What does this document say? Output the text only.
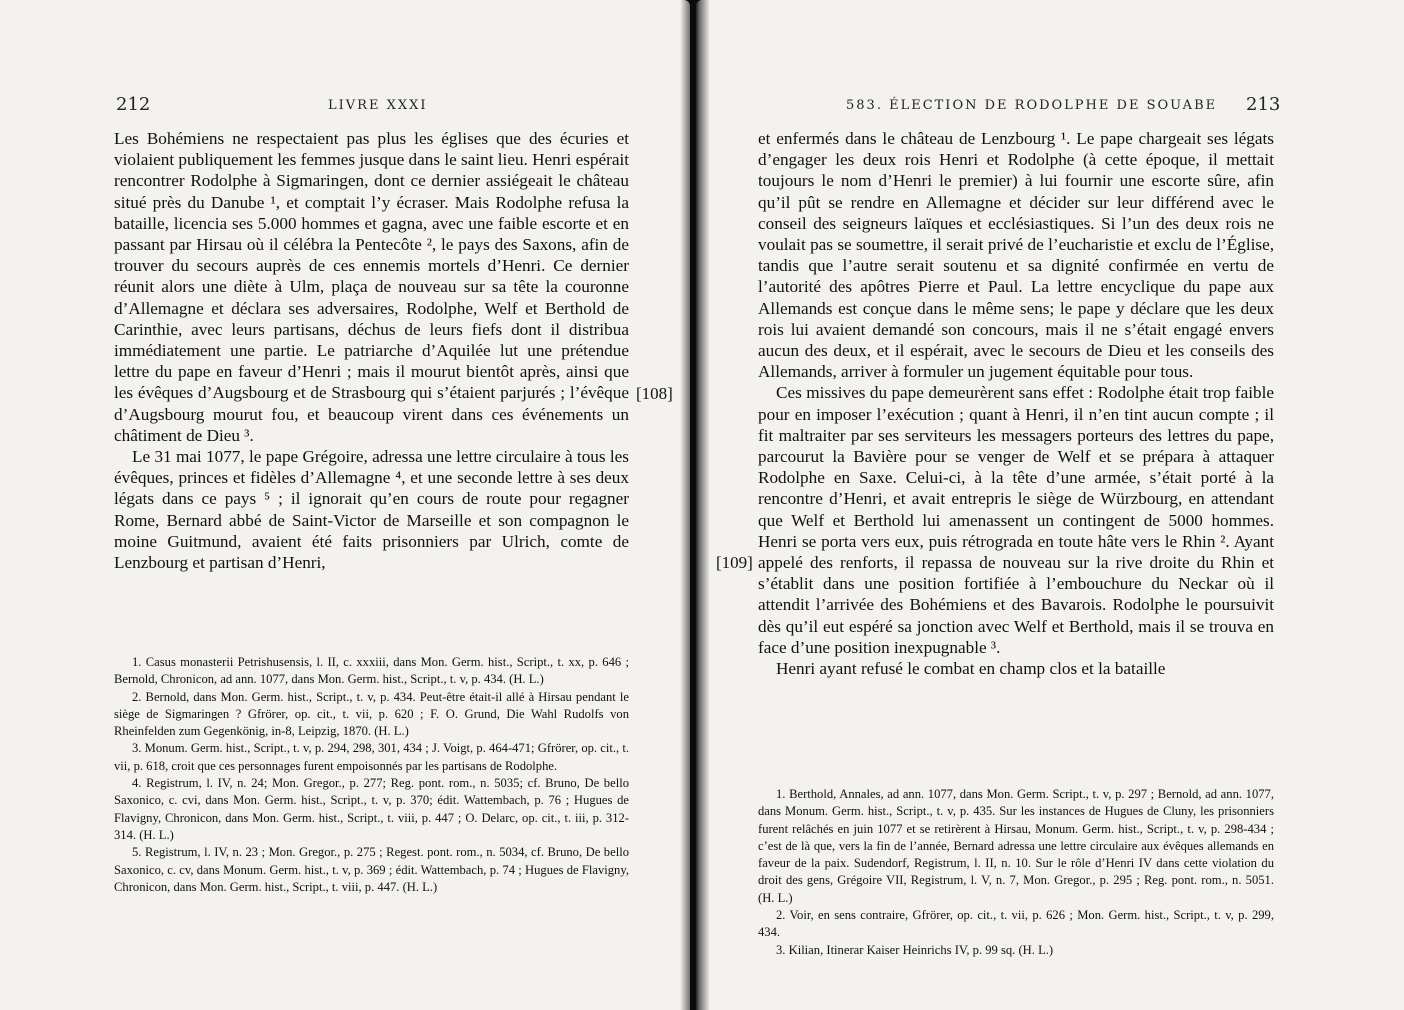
212	LIVRE XXXI

Les Bohémiens ne respectaient pas plus les églises que des écuries et violaient publiquement les femmes jusque dans le saint lieu. Henri espérait rencontrer Rodolphe à Sigmaringen, dont ce dernier assiégeait le château situé près du Danube ¹, et comptait l’y écraser. Mais Rodolphe refusa la bataille, licencia ses 5.000 hommes et gagna, avec une faible escorte et en passant par Hirsau où il célébra la Pentecôte ², le pays des Saxons, afin de trouver du secours auprès de ces ennemis mortels d’Henri. Ce dernier réunit alors une diète à Ulm, plaça de nouveau sur sa tête la couronne d’Allemagne et déclara ses adversaires, Rodolphe, Welf et Berthold de Carinthie, avec leurs partisans, déchus de leurs fiefs dont il distribua immédiatement une partie. Le patriarche d’Aquilée lut une prétendue lettre du pape en faveur d’Henri ; mais il mourut bientôt après, ainsi que les évêques d’Augsbourg et de Strasbourg qui s’étaient parjurés ; l’évêque d’Augsbourg mourut fou, et beaucoup virent dans ces événements un châtiment de Dieu ³.

Le 31 mai 1077, le pape Grégoire, adressa une lettre circulaire à tous les évêques, princes et fidèles d’Allemagne ⁴, et une seconde lettre à ses deux légats dans ce pays ⁵ ; il ignorait qu’en cours de route pour regagner Rome, Bernard abbé de Saint-Victor de Marseille et son compagnon le moine Guitmund, avaient été faits prisonniers par Ulrich, comte de Lenzbourg et partisan d’Henri,

[108]

1. Casus monasterii Petrishusensis, l. II, c. xxxiii, dans Mon. Germ. hist., Script., t. xx, p. 646 ; Bernold, Chronicon, ad ann. 1077, dans Mon. Germ. hist., Script., t. v, p. 434. (H. L.)

2. Bernold, dans Mon. Germ. hist., Script., t. v, p. 434. Peut-être était-il allé à Hirsau pendant le siège de Sigmaringen ? Gfrörer, op. cit., t. vii, p. 620 ; F. O. Grund, Die Wahl Rudolfs von Rheinfelden zum Gegenkönig, in-8, Leipzig, 1870. (H. L.)

3. Monum. Germ. hist., Script., t. v, p. 294, 298, 301, 434 ; J. Voigt, p. 464-471; Gfrörer, op. cit., t. vii, p. 618, croit que ces personnages furent empoisonnés par les partisans de Rodolphe.

4. Registrum, l. IV, n. 24; Mon. Gregor., p. 277; Reg. pont. rom., n. 5035; cf. Bruno, De bello Saxonico, c. cvi, dans Mon. Germ. hist., Script., t. v, p. 370; édit. Wattembach, p. 76 ; Hugues de Flavigny, Chronicon, dans Mon. Germ. hist., Script., t. viii, p. 447 ; O. Delarc, op. cit., t. iii, p. 312-314. (H. L.)

5. Registrum, l. IV, n. 23 ; Mon. Gregor., p. 275 ; Regest. pont. rom., n. 5034, cf. Bruno, De bello Saxonico, c. cv, dans Monum. Germ. hist., t. v, p. 369 ; édit. Wattembach, p. 74 ; Hugues de Flavigny, Chronicon, dans Mon. Germ. hist., Script., t. viii, p. 447. (H. L.)

583. ÉLECTION DE RODOLPHE DE SOUABE 213

et enfermés dans le château de Lenzbourg ¹. Le pape chargeait ses légats d’engager les deux rois Henri et Rodolphe (à cette époque, il mettait toujours le nom d’Henri le premier) à lui fournir une escorte sûre, afin qu’il pût se rendre en Allemagne et décider sur leur différend avec le conseil des seigneurs laïques et ecclésiastiques. Si l’un des deux rois ne voulait pas se soumettre, il serait privé de l’eucharistie et exclu de l’Église, tandis que l’autre serait soutenu et sa dignité confirmée en vertu de l’autorité des apôtres Pierre et Paul. La lettre encyclique du pape aux Allemands est conçue dans le même sens; le pape y déclare que les deux rois lui avaient demandé son concours, mais il ne s’était engagé envers aucun des deux, et il espérait, avec le secours de Dieu et les conseils des Allemands, arriver à formuler un jugement équitable pour tous.

Ces missives du pape demeurèrent sans effet : Rodolphe était trop faible pour en imposer l’exécution ; quant à Henri, il n’en tint aucun compte ; il fit maltraiter par ses serviteurs les messagers porteurs des lettres du pape, parcourut la Bavière pour se venger de Welf et se prépara à attaquer Rodolphe en Saxe. Celui-ci, à la tête d’une armée, s’était porté à la rencontre d’Henri, et avait entrepris le siège de Würzbourg, en attendant que Welf et Berthold lui amenassent un contingent de 5000 hommes. Henri se porta vers eux, puis rétrograda en toute hâte vers le Rhin ². Ayant appelé des renforts, il repassa de nouveau sur la rive droite du Rhin et s’établit dans une position fortifiée à l’embouchure du Neckar où il attendit l’arrivée des Bohémiens et des Bavarois. Rodolphe le poursuivit dès qu’il eut espéré sa jonction avec Welf et Berthold, mais il se trouva en face d’une position inexpugnable ³.

Henri ayant refusé le combat en champ clos et la bataille

[109]

1. Berthold, Annales, ad ann. 1077, dans Mon. Germ. Script., t. v, p. 297 ; Bernold, ad ann. 1077, dans Monum. Germ. hist., Script., t. v, p. 435. Sur les instances de Hugues de Cluny, les prisonniers furent relâchés en juin 1077 et se retirèrent à Hirsau, Monum. Germ. hist., Script., t. v, p. 298-434 ; c’est de là que, vers la fin de l’année, Bernard adressa une lettre circulaire aux évêques allemands en faveur de la paix. Sudendorf, Registrum, l. II, n. 10. Sur le rôle d’Henri IV dans cette violation du droit des gens, Grégoire VII, Registrum, l. V, n. 7, Mon. Gregor., p. 295 ; Reg. pont. rom., n. 5051. (H. L.)

2. Voir, en sens contraire, Gfrörer, op. cit., t. vii, p. 626 ; Mon. Germ. hist., Script., t. v, p. 299, 434.

3. Kilian, Itinerar Kaiser Heinrichs IV, p. 99 sq. (H. L.)
